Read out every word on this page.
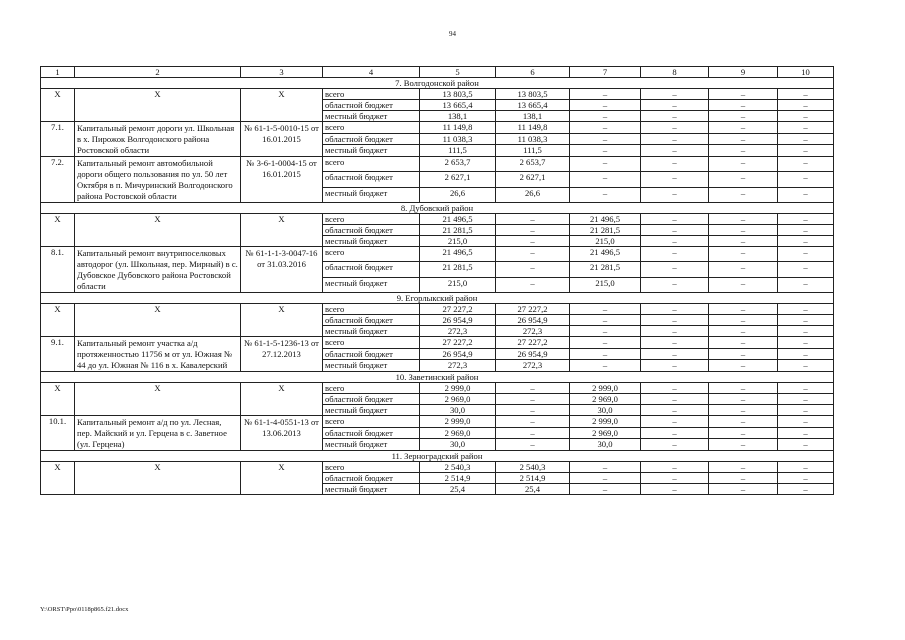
94
1	2	3	4	5	6	7	8	9	10
7. Волгодонской район									
Х	Х	Х	всего	13 803,5	13 803,5	–	–	–	–
			областной бюджет	13 665,4	13 665,4	–	–	–	–
			местный бюджет	138,1	138,1	–	–	–	–
7.1.	Капитальный ремонт дороги ул. Школьная в х. Пирожок Волгодонского района Ростовской области	№ 61-1-5-0010-15 от 16.01.2015	всего	11 149,8	11 149,8	–	–	–	–
			областной бюджет	11 038,3	11 038,3	–	–	–	–
			местный бюджет	111,5	111,5	–	–	–	–
7.2.	Капитальный ремонт автомобильной дороги общего пользования по ул. 50 лет Октября в п. Мичуринский Волгодонского района Ростовской области	№ 3-6-1-0004-15 от 16.01.2015	всего	2 653,7	2 653,7	–	–	–	–
			областной бюджет	2 627,1	2 627,1	–	–	–	–
			местный бюджет	26,6	26,6	–	–	–	–
8. Дубовский район									
Х	Х	Х	всего	21 496,5	–	21 496,5	–	–	–
			областной бюджет	21 281,5	–	21 281,5	–	–	–
			местный бюджет	215,0	–	215,0	–	–	–
8.1.	Капитальный ремонт внутрипоселковых автодорог (ул. Школьная, пер. Мирный) в с. Дубовское Дубовского района Ростовской области	№ 61-1-1-3-0047-16 от 31.03.2016	всего	21 496,5	–	21 496,5	–	–	–
			областной бюджет	21 281,5	–	21 281,5	–	–	–
			местный бюджет	215,0	–	215,0	–	–	–
9. Егорлыкский район									
Х	Х	Х	всего	27 227,2	27 227,2	–	–	–	–
			областной бюджет	26 954,9	26 954,9	–	–	–	–
			местный бюджет	272,3	272,3	–	–	–	–
9.1.	Капитальный ремонт участка а/д протяженностью 11756 м от ул. Южная № 44 до ул. Южная № 116 в х. Кавалерский	№ 61-1-5-1236-13 от 27.12.2013	всего	27 227,2	27 227,2	–	–	–	–
			областной бюджет	26 954,9	26 954,9	–	–	–	–
			местный бюджет	272,3	272,3	–	–	–	–
10. Заветинский район									
Х	Х	Х	всего	2 999,0	–	2 999,0	–	–	–
			областной бюджет	2 969,0	–	2 969,0	–	–	–
			местный бюджет	30,0	–	30,0	–	–	–
10.1.	Капитальный ремонт а/д по ул. Лесная, пер. Майский и ул. Герцена в с. Заветное (ул. Герцена)	№ 61-1-4-0551-13 от 13.06.2013	всего	2 999,0	–	2 999,0	–	–	–
			областной бюджет	2 969,0	–	2 969,0	–	–	–
			местный бюджет	30,0	–	30,0	–	–	–
11. Зерноградский район									
Х	Х	Х	всего	2 540,3	2 540,3	–	–	–	–
			областной бюджет	2 514,9	2 514,9	–	–	–	–
			местный бюджет	25,4	25,4	–	–	–	–
Y:\ORST\Ppo\0118p865.f21.docx
